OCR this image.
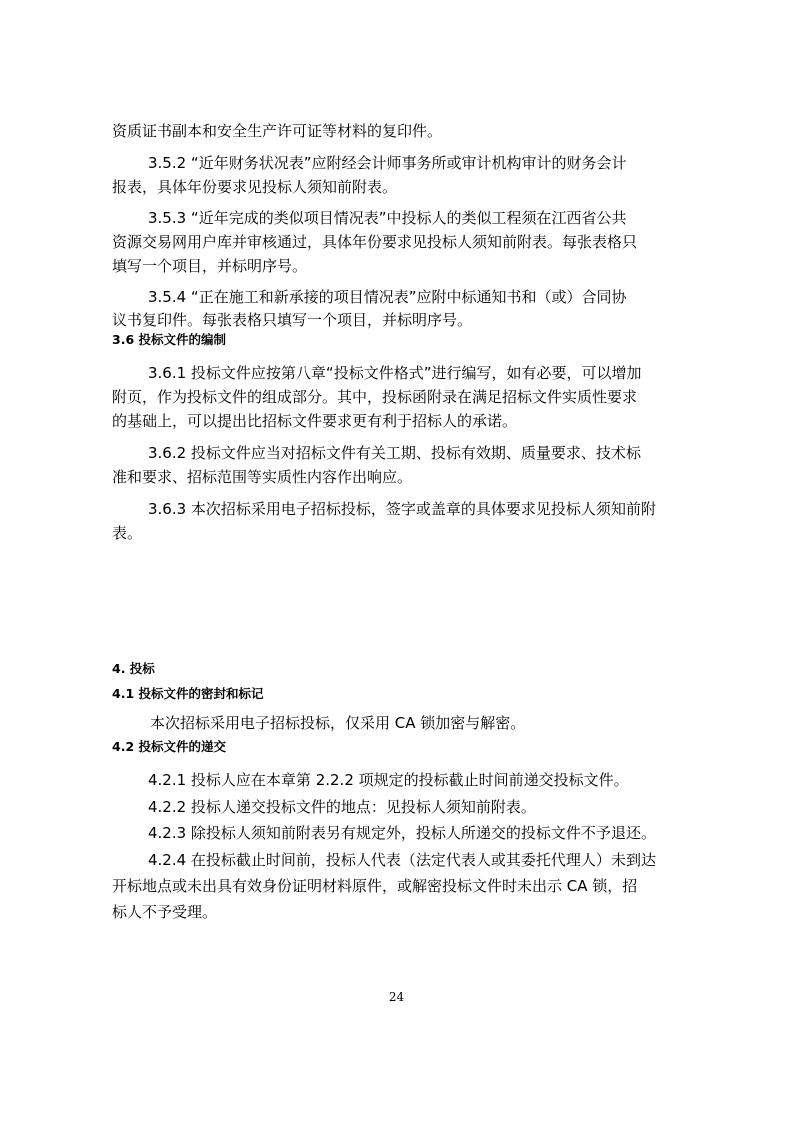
资质证书副本和安全生产许可证等材料的复印件。
3.5.2 “近年财务状况表”应附经会计师事务所或审计机构审计的财务会计
报表，具体年份要求见投标人须知前附表。
3.5.3 “近年完成的类似项目情况表”中投标人的类似工程须在江西省公共
资源交易网用户库并审核通过，具体年份要求见投标人须知前附表。每张表格只
填写一个项目，并标明序号。
3.5.4 “正在施工和新承接的项目情况表”应附中标通知书和（或）合同协
议书复印件。每张表格只填写一个项目，并标明序号。
3.6 投标文件的编制
3.6.1 投标文件应按第八章“投标文件格式”进行编写，如有必要，可以增加
附页，作为投标文件的组成部分。其中，投标函附录在满足招标文件实质性要求
的基础上，可以提出比招标文件要求更有利于招标人的承诺。
3.6.2 投标文件应当对招标文件有关工期、投标有效期、质量要求、技术标
准和要求、招标范围等实质性内容作出响应。
3.6.3 本次招标采用电子招标投标，签字或盖章的具体要求见投标人须知前附
表。
4. 投标
4.1 投标文件的密封和标记
本次招标采用电子招标投标，仅采用 CA 锁加密与解密。
4.2 投标文件的递交
4.2.1 投标人应在本章第 2.2.2 项规定的投标截止时间前递交投标文件。
4.2.2 投标人递交投标文件的地点：见投标人须知前附表。
4.2.3 除投标人须知前附表另有规定外，投标人所递交的投标文件不予退还。
4.2.4 在投标截止时间前，投标人代表（法定代表人或其委托代理人）未到达
开标地点或未出具有效身份证明材料原件，或解密投标文件时未出示 CA 锁，招
标人不予受理。
24
